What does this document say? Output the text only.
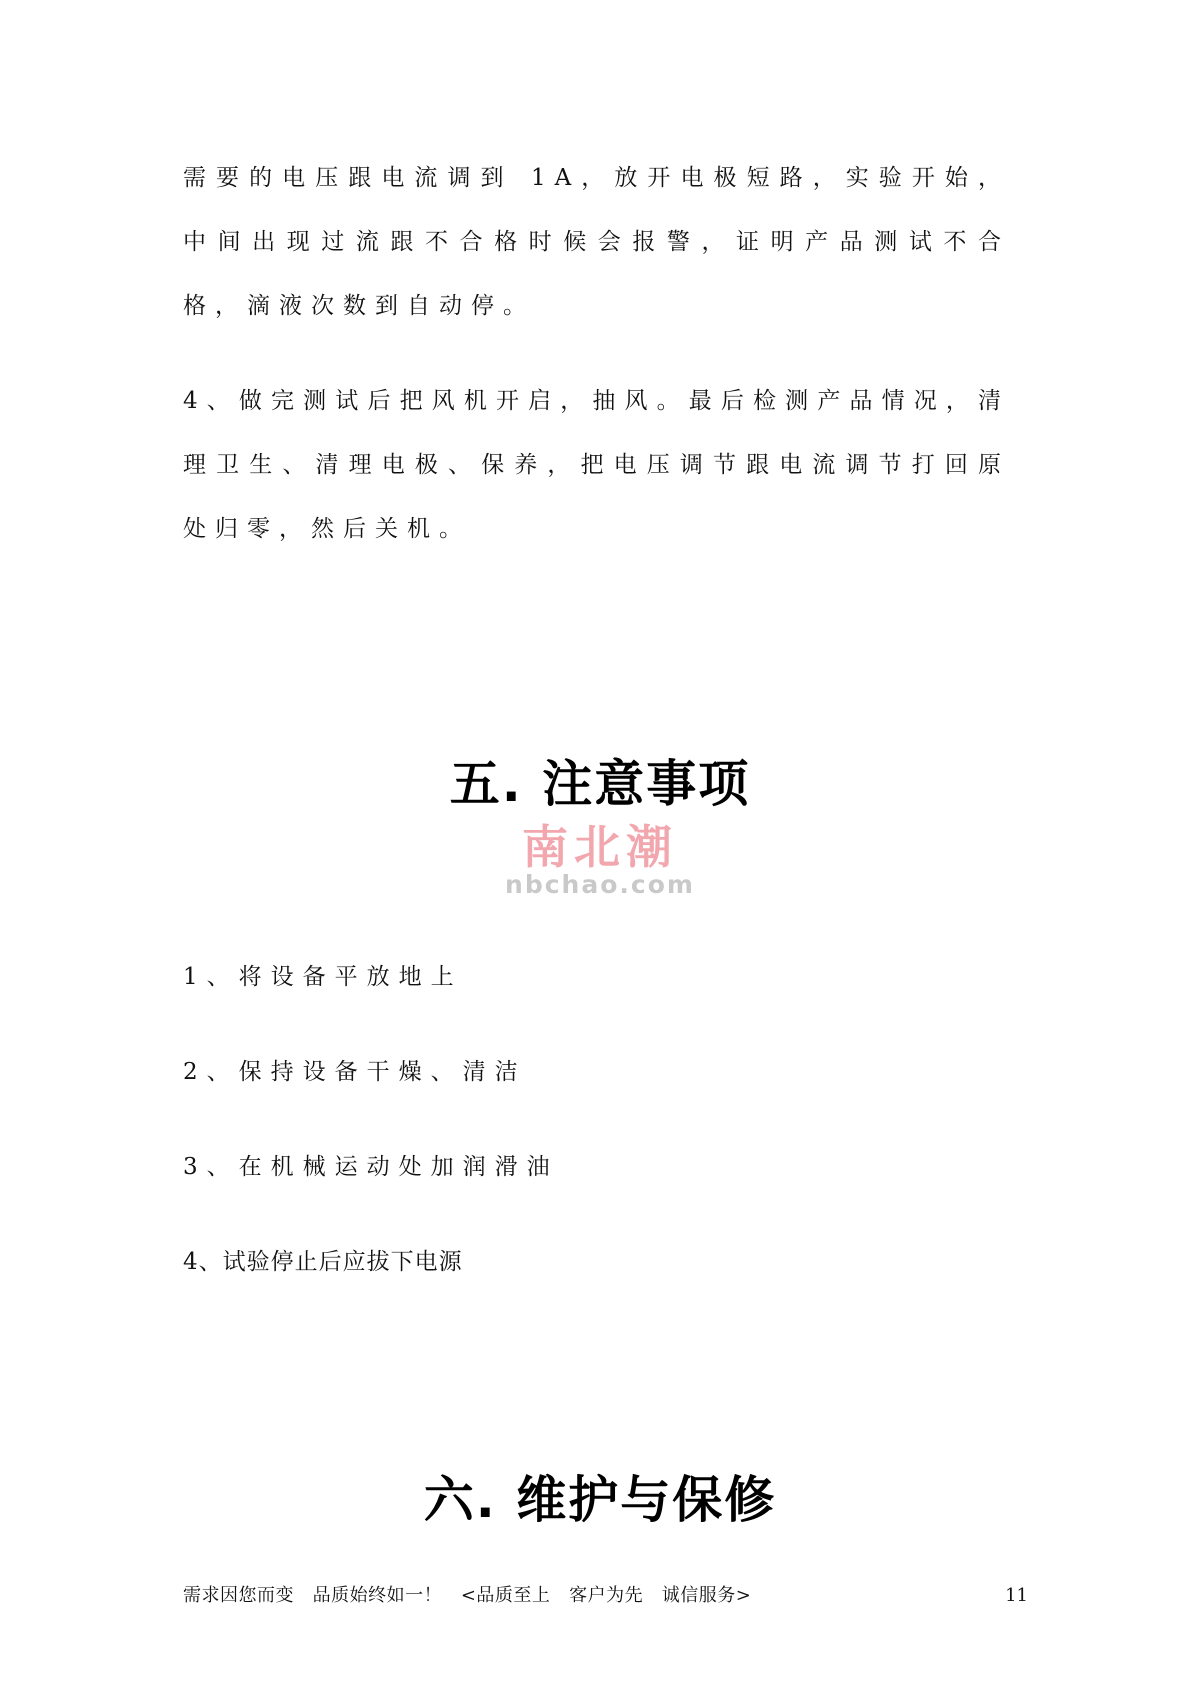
需要的电压跟电流调到 1A，放开电极短路，实验开始，中间出现过流跟不合格时候会报警，证明产品测试不合格，滴液次数到自动停。

4、做完测试后把风机开启，抽风。最后检测产品情况，清理卫生、清理电极、保养，把电压调节跟电流调节打回原处归零，然后关机。

五. 注意事项
南北潮
nbchao.com

1、将设备平放地上

2、保持设备干燥、清洁

3、在机械运动处加润滑油

4、试验停止后应拔下电源

六. 维护与保修
需求因您而变   品质始终如一！   <品质至上   客户为先   诚信服务>	11
